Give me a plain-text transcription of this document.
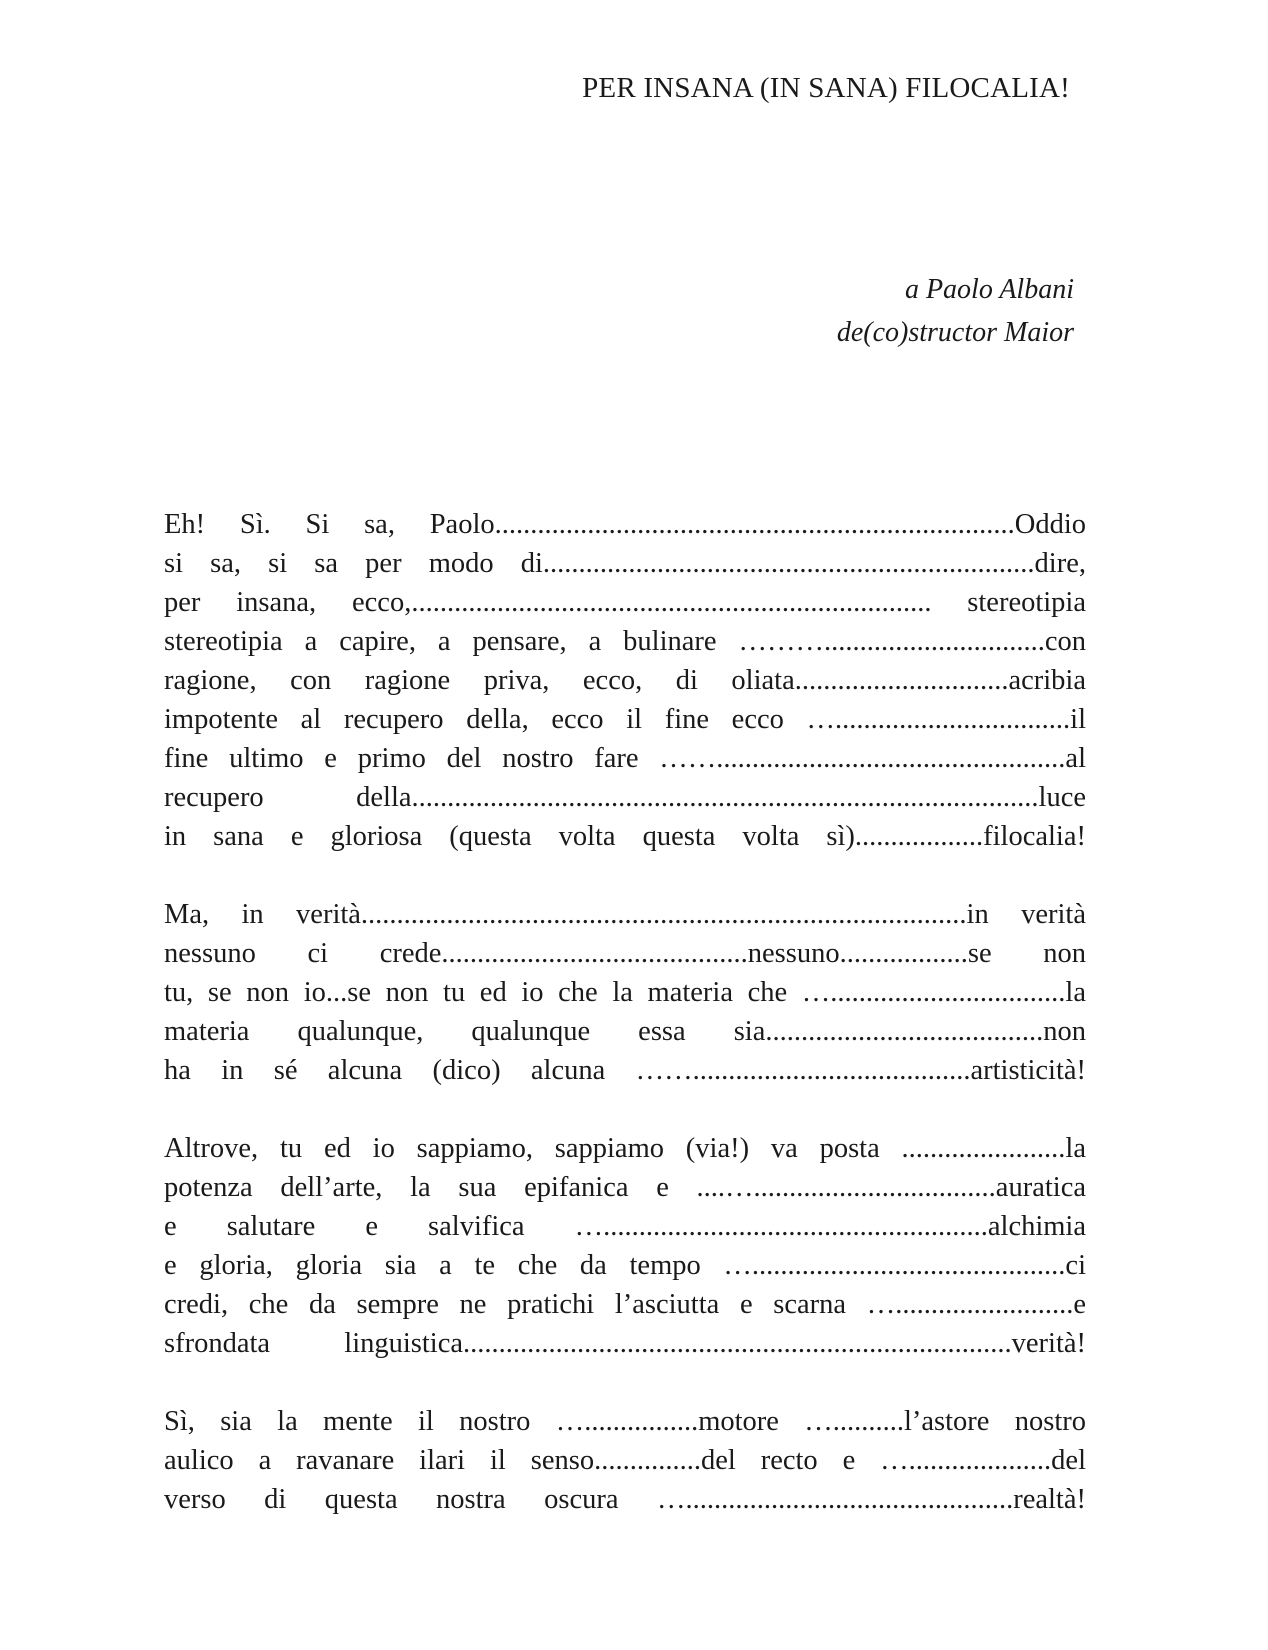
PER INSANA (IN SANA) FILOCALIA!
a Paolo Albani
de(co)structor Maior
Eh! Sì. Si sa, Paolo.........................................................................Oddio
si sa, si sa per modo di.....................................................................dire,
per insana, ecco,......................................................................... stereotipia
stereotipia a capire, a pensare, a bulinare ………...............................con
ragione, con ragione priva, ecco, di oliata..............................acribia
impotente al recupero della, ecco il fine ecco ….................................il
fine ultimo e primo del nostro fare …….................................................al
recupero della........................................................................................luce
in sana e gloriosa (questa volta questa volta sì)..................filocalia!
Ma, in verità.....................................................................................in verità
nessuno ci crede...........................................nessuno..................se non
tu, se non io...se non tu ed io che la materia che ….................................la
materia qualunque, qualunque essa sia.......................................non
ha in sé alcuna (dico) alcuna …….......................................artisticità!
Altrove, tu ed io sappiamo, sappiamo (via!) va posta .......................la
potenza dell’arte, la sua epifanica e ....…..................................auratica
e salutare e salvifica …......................................................alchimia
e gloria, gloria sia a te che da tempo …............................................ci
credi, che da sempre ne pratichi l’asciutta e scarna ….........................e
sfrondata linguistica.............................................................................verità!
Sì, sia la mente il nostro …................motore …..........l’astore nostro
aulico a ravanare ilari il senso...............del recto e …....................del
verso di questa nostra oscura …..............................................realtà!
